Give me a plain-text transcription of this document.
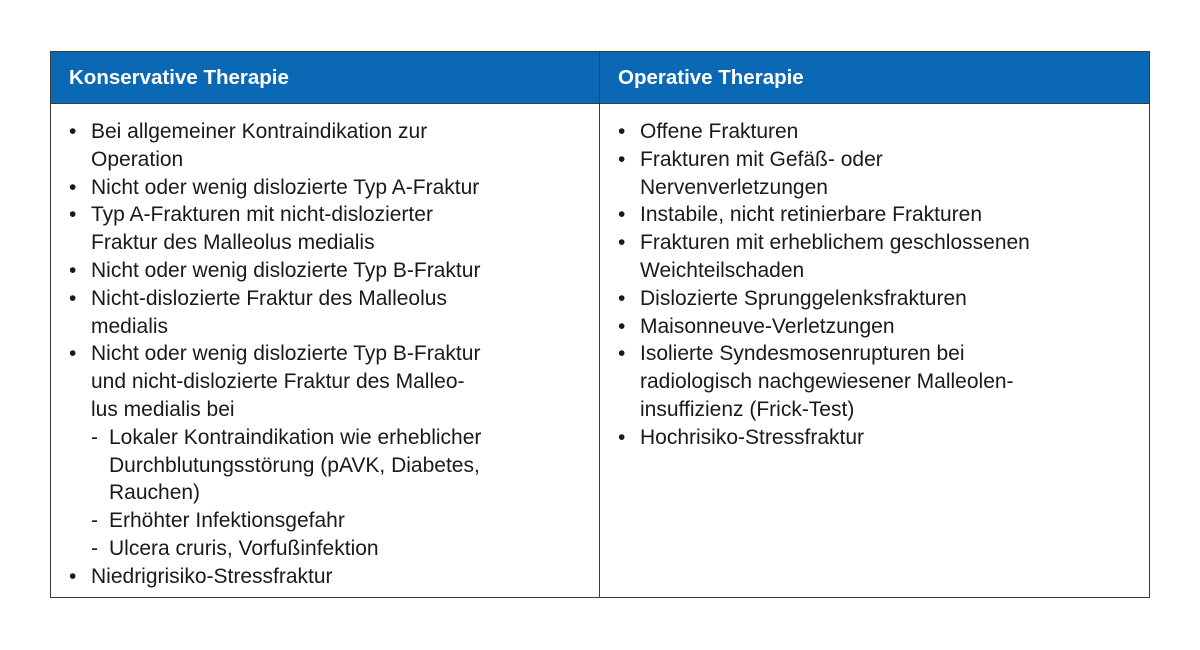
Konservative Therapie	Operative Therapie
• Bei allgemeiner Kontraindikation zur
Operation
• Nicht oder wenig dislozierte Typ A-Fraktur
• Typ A-Frakturen mit nicht-dislozierter
Fraktur des Malleolus medialis
• Nicht oder wenig dislozierte Typ B-Fraktur
• Nicht-dislozierte Fraktur des Malleolus
medialis
• Nicht oder wenig dislozierte Typ B-Fraktur
und nicht-dislozierte Fraktur des Malleo-
lus medialis bei
- Lokaler Kontraindikation wie erheblicher
Durchblutungsstörung (pAVK, Diabetes,
Rauchen)
- Erhöhter Infektionsgefahr
- Ulcera cruris, Vorfußinfektion
• Niedrigrisiko-Stressfraktur
• Offene Frakturen
• Frakturen mit Gefäß- oder
Nervenverletzungen
• Instabile, nicht retinierbare Frakturen
• Frakturen mit erheblichem geschlossenen
Weichteilschaden
• Dislozierte Sprunggelenksfrakturen
• Maisonneuve-Verletzungen
• Isolierte Syndesmosenrupturen bei
radiologisch nachgewiesener Malleolen-
insuffizienz (Frick-Test)
• Hochrisiko-Stressfraktur
